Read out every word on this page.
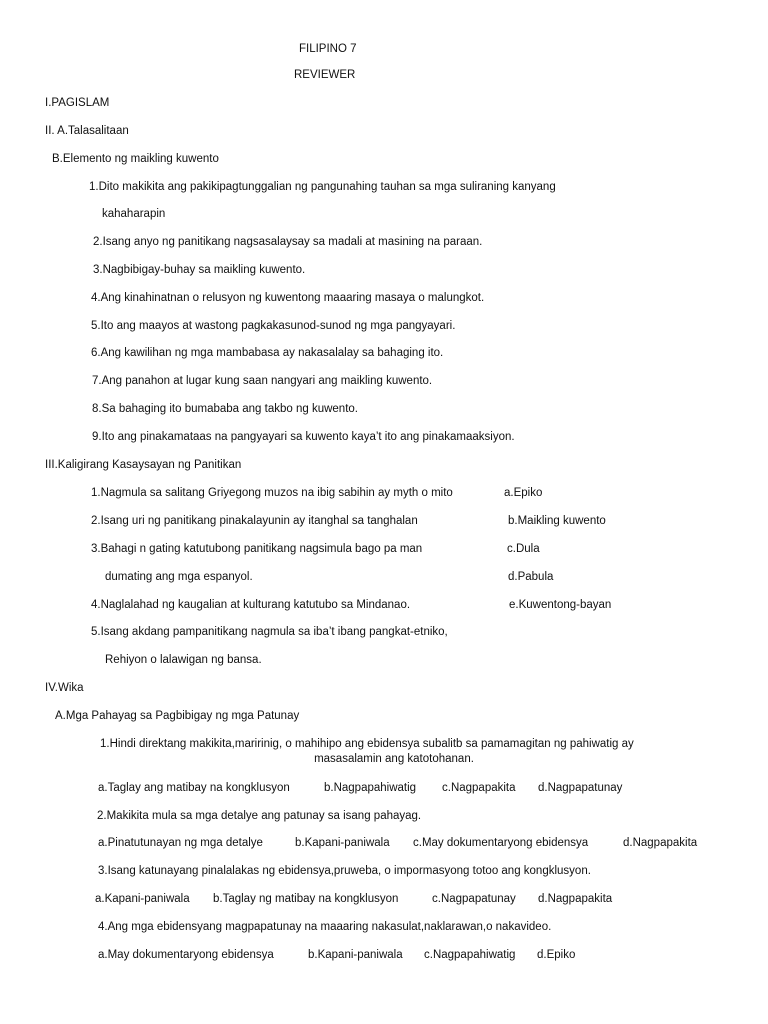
FILIPINO 7
REVIEWER
I.PAGISLAM
II. A.Talasalitaan
B.Elemento ng maikling kuwento
1.Dito makikita ang pakikipagtunggalian ng pangunahing tauhan sa mga suliraning kanyang
kahaharapin
2.Isang anyo ng panitikang nagsasalaysay sa madali at masining na paraan.
3.Nagbibigay-buhay sa maikling kuwento.
4.Ang kinahinatnan o relusyon ng kuwentong maaaring masaya o malungkot.
5.Ito ang maayos at wastong pagkakasunod-sunod ng mga pangyayari.
6.Ang kawilihan ng mga mambabasa ay nakasalalay sa bahaging ito.
7.Ang panahon at lugar kung saan nangyari ang maikling kuwento.
8.Sa bahaging ito bumababa ang takbo ng kuwento.
9.Ito ang pinakamataas na pangyayari sa kuwento kaya’t ito ang pinakamaaksiyon.
III.Kaligirang Kasaysayan ng Panitikan
1.Nagmula sa salitang Griyegong muzos na ibig sabihin ay myth o mito	a.Epiko
2.Isang uri ng panitikang pinakalayunin ay itanghal sa tanghalan	b.Maikling kuwento
3.Bahagi n gating katutubong panitikang nagsimula bago pa man	c.Dula
dumating ang mga espanyol.	d.Pabula
4.Naglalahad ng kaugalian at kulturang katutubo sa Mindanao.	e.Kuwentong-bayan
5.Isang akdang pampanitikang nagmula sa iba’t ibang pangkat-etniko,
Rehiyon o lalawigan ng bansa.
IV.Wika
A.Mga Pahayag sa Pagbibigay ng mga Patunay
1.Hindi direktang makikita,maririnig, o mahihipo ang ebidensya subalitb sa pamamagitan ng pahiwatig ay
masasalamin ang katotohanan.
a.Taglay ang matibay na kongklusyon	b.Nagpapahiwatig c.Nagpapakita d.Nagpapatunay
2.Makikita mula sa mga detalye ang patunay sa isang pahayag.
a.Pinatutunayan ng mga detalye	b.Kapani-paniwala c.May dokumentaryong ebidensya	d.Nagpapakita
3.Isang katunayang pinalalakas ng ebidensya,pruweba, o impormasyong totoo ang kongklusyon.
a.Kapani-paniwala b.Taglay ng matibay na kongklusyon	c.Nagpapatunay d.Nagpapakita
4.Ang mga ebidensyang magpapatunay na maaaring nakasulat,naklarawan,o nakavideo.
a.May dokumentaryong ebidensya	b.Kapani-paniwala c.Nagpapahiwatig d.Epiko
